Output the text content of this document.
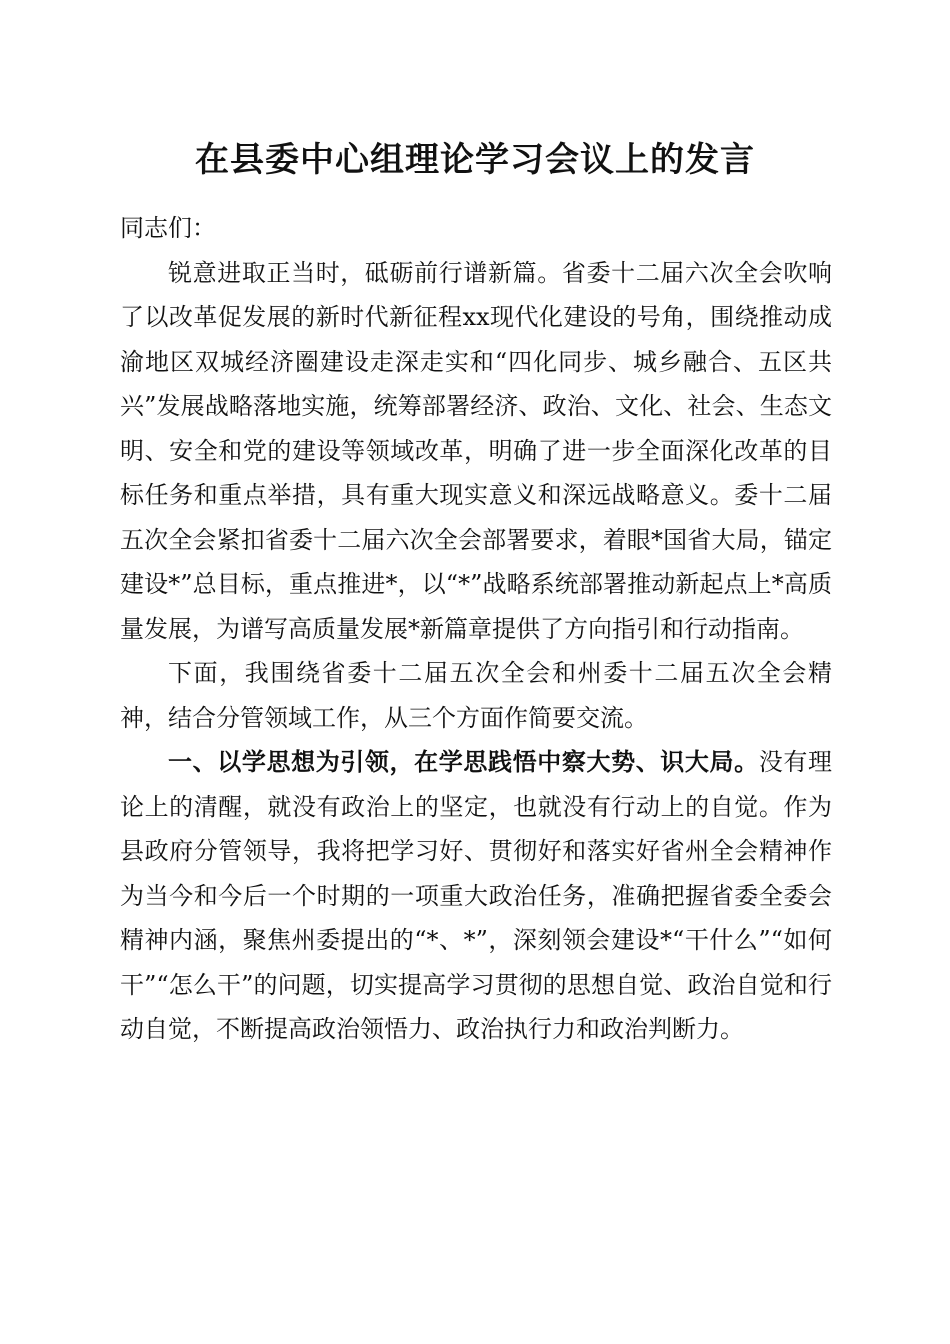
在县委中心组理论学习会议上的发言

同志们：

锐意进取正当时，砥砺前行谱新篇。省委十二届六次全会吹响了以改革促发展的新时代新征程xx现代化建设的号角，围绕推动成渝地区双城经济圈建设走深走实和“四化同步、城乡融合、五区共兴”发展战略落地实施，统筹部署经济、政治、文化、社会、生态文明、安全和党的建设等领域改革，明确了进一步全面深化改革的目标任务和重点举措，具有重大现实意义和深远战略意义。委十二届五次全会紧扣省委十二届六次全会部署要求，着眼*国省大局，锚定建设*”总目标，重点推进*，以“*”战略系统部署推动新起点上*高质量发展，为谱写高质量发展*新篇章提供了方向指引和行动指南。

下面，我围绕省委十二届五次全会和州委十二届五次全会精神，结合分管领域工作，从三个方面作简要交流。

一、以学思想为引领，在学思践悟中察大势、识大局。没有理论上的清醒，就没有政治上的坚定，也就没有行动上的自觉。作为县政府分管领导，我将把学习好、贯彻好和落实好省州全会精神作为当今和今后一个时期的一项重大政治任务，准确把握省委全委会精神内涵，聚焦州委提出的“*、*”，深刻领会建设*“干什么”“如何干”“怎么干”的问题，切实提高学习贯彻的思想自觉、政治自觉和行动自觉，不断提高政治领悟力、政治执行力和政治判断力。
